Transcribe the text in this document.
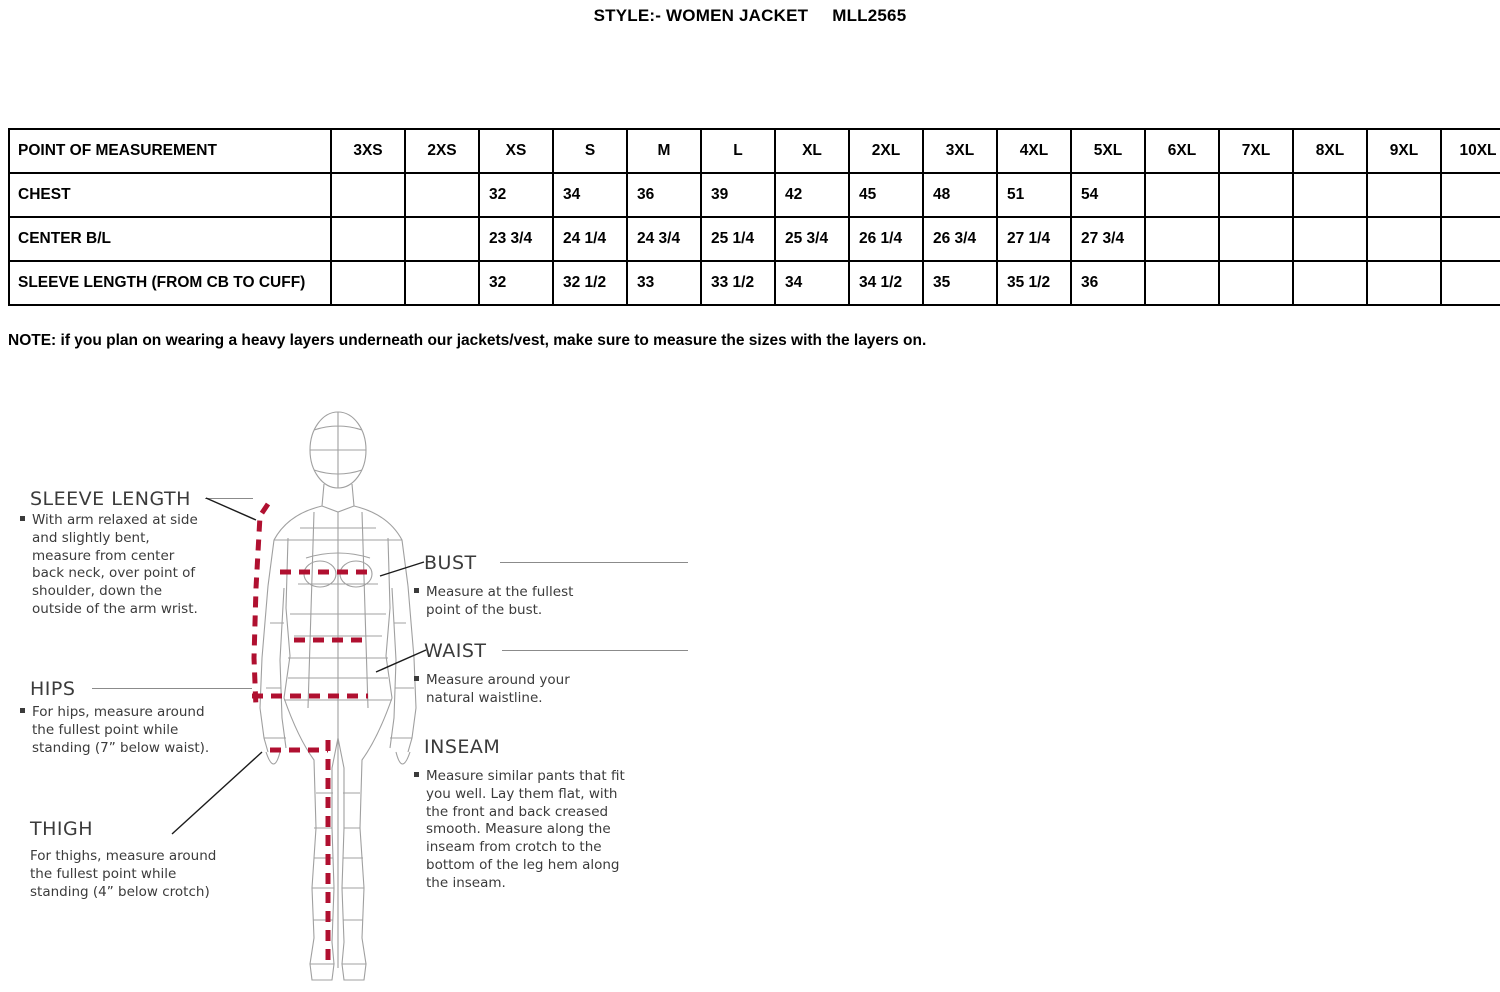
STYLE:- WOMEN JACKET MLL2565
POINT OF MEASUREMENT	3XS	2XS	XS	S	M	L	XL	2XL	3XL	4XL	5XL	6XL	7XL	8XL	9XL	10XL
CHEST			32	34	36	39	42	45	48	51	54					
CENTER B/L			23 3/4	24 1/4	24 3/4	25 1/4	25 3/4	26 1/4	26 3/4	27 1/4	27 3/4					
SLEEVE LENGTH (FROM CB TO CUFF)			32	32 1/2	33	33 1/2	34	34 1/2	35	35 1/2	36					
NOTE: if you plan on wearing a heavy layers underneath our jackets/vest, make sure to measure the sizes with the layers on.
SLEEVE LENGTH
With arm relaxed at side and slightly bent, measure from center back neck, over point of shoulder, down the outside of the arm wrist.
HIPS
For hips, measure around the fullest point while standing (7” below waist).
THIGH
For thighs, measure around the fullest point while standing (4” below crotch)
BUST
Measure at the fullest point of the bust.
WAIST
Measure around your natural waistline.
INSEAM
Measure similar pants that fit you well. Lay them flat, with the front and back creased smooth. Measure along the inseam from crotch to the bottom of the leg hem along the inseam.
